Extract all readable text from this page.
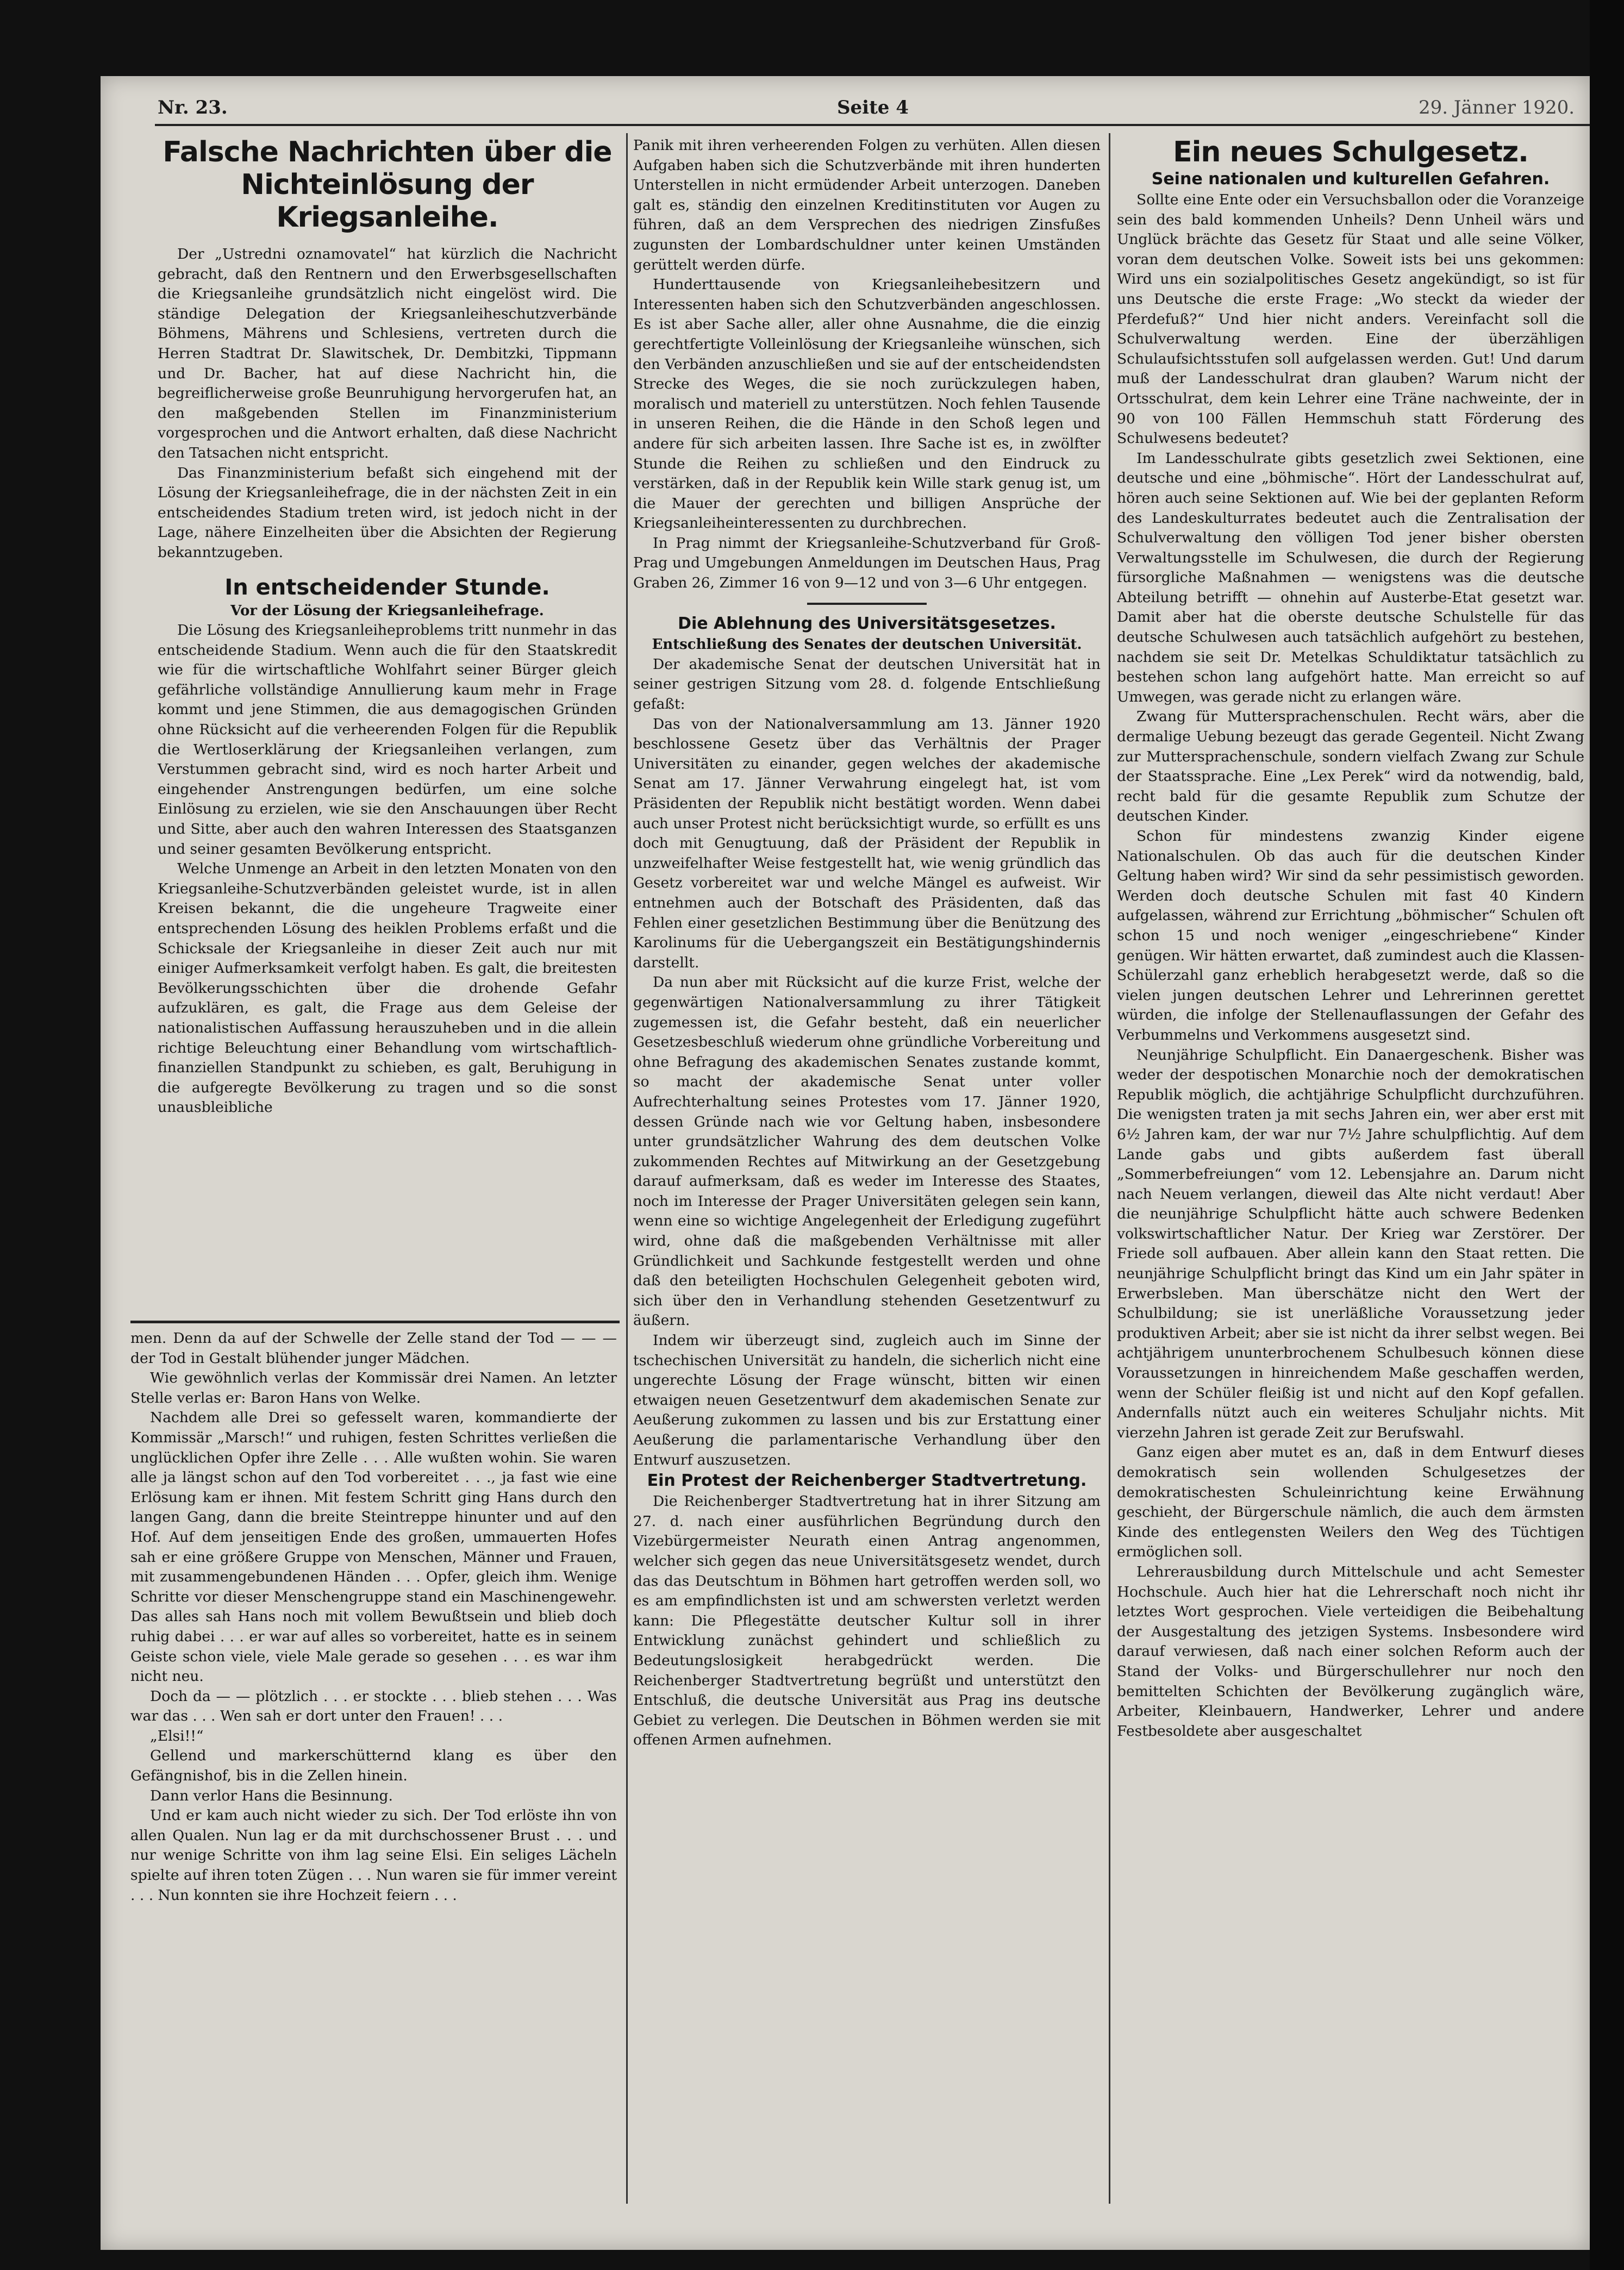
Nr. 23.	Seite 4	29. Jänner 1920.

Falsche Nachrichten über die Nichteinlösung der Kriegsanleihe.

Der „Ustredni oznamovatel“ hat kürzlich die Nachricht gebracht, daß den Rentnern und den Erwerbsgesellschaften die Kriegsanleihe grundsätzlich nicht eingelöst wird. Die ständige Delegation der Kriegsanleiheschutzverbände Böhmens, Mährens und Schlesiens, vertreten durch die Herren Stadtrat Dr. Slawitschek, Dr. Dembitzki, Tippmann und Dr. Bacher, hat auf diese Nachricht hin, die begreiflicherweise große Beunruhigung hervorgerufen hat, an den maßgebenden Stellen im Finanzministerium vorgesprochen und die Antwort erhalten, daß diese Nachricht den Tatsachen nicht entspricht.

Das Finanzministerium befaßt sich eingehend mit der Lösung der Kriegsanleihefrage, die in der nächsten Zeit in ein entscheidendes Stadium treten wird, ist jedoch nicht in der Lage, nähere Einzelheiten über die Absichten der Regierung bekanntzugeben.

In entscheidender Stunde.

Vor der Lösung der Kriegsanleihefrage.

Die Lösung des Kriegsanleiheproblems tritt nunmehr in das entscheidende Stadium. Wenn auch die für den Staatskredit wie für die wirtschaftliche Wohlfahrt seiner Bürger gleich gefährliche vollständige Annullierung kaum mehr in Frage kommt und jene Stimmen, die aus demagogischen Gründen ohne Rücksicht auf die verheerenden Folgen für die Republik die Wertloserklärung der Kriegsanleihen verlangen, zum Verstummen gebracht sind, wird es noch harter Arbeit und eingehender Anstrengungen bedürfen, um eine solche Einlösung zu erzielen, wie sie den Anschauungen über Recht und Sitte, aber auch den wahren Interessen des Staatsganzen und seiner gesamten Bevölkerung entspricht.

Welche Unmenge an Arbeit in den letzten Monaten von den Kriegsanleihe-Schutzverbänden geleistet wurde, ist in allen Kreisen bekannt, die die ungeheure Tragweite einer entsprechenden Lösung des heiklen Problems erfaßt und die Schicksale der Kriegsanleihe in dieser Zeit auch nur mit einiger Aufmerksamkeit verfolgt haben. Es galt, die breitesten Bevölkerungsschichten über die drohende Gefahr aufzuklären, es galt, die Frage aus dem Geleise der nationalistischen Auffassung herauszuheben und in die allein richtige Beleuchtung einer Behandlung vom wirtschaftlich-finanziellen Standpunkt zu schieben, es galt, Beruhigung in die aufgeregte Bevölkerung zu tragen und so die sonst unausbleibliche

men. Denn da auf der Schwelle der Zelle stand der Tod — — — der Tod in Gestalt blühender junger Mädchen.

Wie gewöhnlich verlas der Kommissär drei Namen. An letzter Stelle verlas er: Baron Hans von Welke.

Nachdem alle Drei so gefesselt waren, kommandierte der Kommissär „Marsch!“ und ruhigen, festen Schrittes verließen die unglücklichen Opfer ihre Zelle . . . Alle wußten wohin. Sie waren alle ja längst schon auf den Tod vorbereitet . . ., ja fast wie eine Erlösung kam er ihnen. Mit festem Schritt ging Hans durch den langen Gang, dann die breite Steintreppe hinunter und auf den Hof. Auf dem jenseitigen Ende des großen, ummauerten Hofes sah er eine größere Gruppe von Menschen, Männer und Frauen, mit zusammengebundenen Händen . . . Opfer, gleich ihm. Wenige Schritte vor dieser Menschengruppe stand ein Maschinengewehr. Das alles sah Hans noch mit vollem Bewußtsein und blieb doch ruhig dabei . . . er war auf alles so vorbereitet, hatte es in seinem Geiste schon viele, viele Male gerade so gesehen . . . es war ihm nicht neu.

Doch da — — plötzlich . . . er stockte . . . blieb stehen . . . Was war das . . . Wen sah er dort unter den Frauen! . . .

„Elsi!!“

Gellend und markerschütternd klang es über den Gefängnishof, bis in die Zellen hinein.

Dann verlor Hans die Besinnung.

Und er kam auch nicht wieder zu sich. Der Tod erlöste ihn von allen Qualen. Nun lag er da mit durchschossener Brust . . . und nur wenige Schritte von ihm lag seine Elsi. Ein seliges Lächeln spielte auf ihren toten Zügen . . . Nun waren sie für immer vereint . . . Nun konnten sie ihre Hochzeit feiern . . .

Panik mit ihren verheerenden Folgen zu verhüten. Allen diesen Aufgaben haben sich die Schutzverbände mit ihren hunderten Unterstellen in nicht ermüdender Arbeit unterzogen. Daneben galt es, ständig den einzelnen Kreditinstituten vor Augen zu führen, daß an dem Versprechen des niedrigen Zinsfußes zugunsten der Lombardschuldner unter keinen Umständen gerüttelt werden dürfe.

Hunderttausende von Kriegsanleihebesitzern und Interessenten haben sich den Schutzverbänden angeschlossen. Es ist aber Sache aller, aller ohne Ausnahme, die die einzig gerechtfertigte Volleinlösung der Kriegsanleihe wünschen, sich den Verbänden anzuschließen und sie auf der entscheidendsten Strecke des Weges, die sie noch zurückzulegen haben, moralisch und materiell zu unterstützen. Noch fehlen Tausende in unseren Reihen, die die Hände in den Schoß legen und andere für sich arbeiten lassen. Ihre Sache ist es, in zwölfter Stunde die Reihen zu schließen und den Eindruck zu verstärken, daß in der Republik kein Wille stark genug ist, um die Mauer der gerechten und billigen Ansprüche der Kriegsanleiheinteressenten zu durchbrechen.

In Prag nimmt der Kriegsanleihe-Schutzverband für Groß-Prag und Umgebungen Anmeldungen im Deutschen Haus, Prag Graben 26, Zimmer 16 von 9—12 und von 3—6 Uhr entgegen.

Die Ablehnung des Universitätsgesetzes.

Entschließung des Senates der deutschen Universität.

Der akademische Senat der deutschen Universität hat in seiner gestrigen Sitzung vom 28. d. folgende Entschließung gefaßt:

Das von der Nationalversammlung am 13. Jänner 1920 beschlossene Gesetz über das Verhältnis der Prager Universitäten zu einander, gegen welches der akademische Senat am 17. Jänner Verwahrung eingelegt hat, ist vom Präsidenten der Republik nicht bestätigt worden. Wenn dabei auch unser Protest nicht berücksichtigt wurde, so erfüllt es uns doch mit Genugtuung, daß der Präsident der Republik in unzweifelhafter Weise festgestellt hat, wie wenig gründlich das Gesetz vorbereitet war und welche Mängel es aufweist. Wir entnehmen auch der Botschaft des Präsidenten, daß das Fehlen einer gesetzlichen Bestimmung über die Benützung des Karolinums für die Uebergangszeit ein Bestätigungshindernis darstellt.

Da nun aber mit Rücksicht auf die kurze Frist, welche der gegenwärtigen Nationalversammlung zu ihrer Tätigkeit zugemessen ist, die Gefahr besteht, daß ein neuerlicher Gesetzesbeschluß wiederum ohne gründliche Vorbereitung und ohne Befragung des akademischen Senates zustande kommt, so macht der akademische Senat unter voller Aufrechterhaltung seines Protestes vom 17. Jänner 1920, dessen Gründe nach wie vor Geltung haben, insbesondere unter grundsätzlicher Wahrung des dem deutschen Volke zukommenden Rechtes auf Mitwirkung an der Gesetzgebung darauf aufmerksam, daß es weder im Interesse des Staates, noch im Interesse der Prager Universitäten gelegen sein kann, wenn eine so wichtige Angelegenheit der Erledigung zugeführt wird, ohne daß die maßgebenden Verhältnisse mit aller Gründlichkeit und Sachkunde festgestellt werden und ohne daß den beteiligten Hochschulen Gelegenheit geboten wird, sich über den in Verhandlung stehenden Gesetzentwurf zu äußern.

Indem wir überzeugt sind, zugleich auch im Sinne der tschechischen Universität zu handeln, die sicherlich nicht eine ungerechte Lösung der Frage wünscht, bitten wir einen etwaigen neuen Gesetzentwurf dem akademischen Senate zur Aeußerung zukommen zu lassen und bis zur Erstattung einer Aeußerung die parlamentarische Verhandlung über den Entwurf auszusetzen.

Ein Protest der Reichenberger Stadtvertretung.

Die Reichenberger Stadtvertretung hat in ihrer Sitzung am 27. d. nach einer ausführlichen Begründung durch den Vizebürgermeister Neurath einen Antrag angenommen, welcher sich gegen das neue Universitätsgesetz wendet, durch das das Deutschtum in Böhmen hart getroffen werden soll, wo es am empfindlichsten ist und am schwersten verletzt werden kann: Die Pflegestätte deutscher Kultur soll in ihrer Entwicklung zunächst gehindert und schließlich zu Bedeutungslosigkeit herabgedrückt werden. Die Reichenberger Stadtvertretung begrüßt und unterstützt den Entschluß, die deutsche Universität aus Prag ins deutsche Gebiet zu verlegen. Die Deutschen in Böhmen werden sie mit offenen Armen aufnehmen.

Ein neues Schulgesetz.

Seine nationalen und kulturellen Gefahren.

Sollte eine Ente oder ein Versuchsballon oder die Voranzeige sein des bald kommenden Unheils? Denn Unheil wärs und Unglück brächte das Gesetz für Staat und alle seine Völker, voran dem deutschen Volke. Soweit ists bei uns gekommen: Wird uns ein sozialpolitisches Gesetz angekündigt, so ist für uns Deutsche die erste Frage: „Wo steckt da wieder der Pferdefuß?“ Und hier nicht anders. Vereinfacht soll die Schulverwaltung werden. Eine der überzähligen Schulaufsichtsstufen soll aufgelassen werden. Gut! Und darum muß der Landesschulrat dran glauben? Warum nicht der Ortsschulrat, dem kein Lehrer eine Träne nachweinte, der in 90 von 100 Fällen Hemmschuh statt Förderung des Schulwesens bedeutet?

Im Landesschulrate gibts gesetzlich zwei Sektionen, eine deutsche und eine „böhmische“. Hört der Landesschulrat auf, hören auch seine Sektionen auf. Wie bei der geplanten Reform des Landeskulturrates bedeutet auch die Zentralisation der Schulverwaltung den völligen Tod jener bisher obersten Verwaltungsstelle im Schulwesen, die durch der Regierung fürsorgliche Maßnahmen — wenigstens was die deutsche Abteilung betrifft — ohnehin auf Austerbe-Etat gesetzt war. Damit aber hat die oberste deutsche Schulstelle für das deutsche Schulwesen auch tatsächlich aufgehört zu bestehen, nachdem sie seit Dr. Metelkas Schuldiktatur tatsächlich zu bestehen schon lang aufgehört hatte. Man erreicht so auf Umwegen, was gerade nicht zu erlangen wäre.

Zwang für Muttersprachenschulen. Recht wärs, aber die dermalige Uebung bezeugt das gerade Gegenteil. Nicht Zwang zur Muttersprachenschule, sondern vielfach Zwang zur Schule der Staatssprache. Eine „Lex Perek“ wird da notwendig, bald, recht bald für die gesamte Republik zum Schutze der deutschen Kinder.

Schon für mindestens zwanzig Kinder eigene Nationalschulen. Ob das auch für die deutschen Kinder Geltung haben wird? Wir sind da sehr pessimistisch geworden. Werden doch deutsche Schulen mit fast 40 Kindern aufgelassen, während zur Errichtung „böhmischer“ Schulen oft schon 15 und noch weniger „eingeschriebene“ Kinder genügen. Wir hätten erwartet, daß zumindest auch die Klassen-Schülerzahl ganz erheblich herabgesetzt werde, daß so die vielen jungen deutschen Lehrer und Lehrerinnen gerettet würden, die infolge der Stellenauflassungen der Gefahr des Verbummelns und Verkommens ausgesetzt sind.

Neunjährige Schulpflicht. Ein Danaergeschenk. Bisher was weder der despotischen Monarchie noch der demokratischen Republik möglich, die achtjährige Schulpflicht durchzuführen. Die wenigsten traten ja mit sechs Jahren ein, wer aber erst mit 6½ Jahren kam, der war nur 7½ Jahre schulpflichtig. Auf dem Lande gabs und gibts außerdem fast überall „Sommerbefreiungen“ vom 12. Lebensjahre an. Darum nicht nach Neuem verlangen, dieweil das Alte nicht verdaut! Aber die neunjährige Schulpflicht hätte auch schwere Bedenken volkswirtschaftlicher Natur. Der Krieg war Zerstörer. Der Friede soll aufbauen. Aber allein kann den Staat retten. Die neunjährige Schulpflicht bringt das Kind um ein Jahr später in Erwerbsleben. Man überschätze nicht den Wert der Schulbildung; sie ist unerläßliche Voraussetzung jeder produktiven Arbeit; aber sie ist nicht da ihrer selbst wegen. Bei achtjährigem ununterbrochenem Schulbesuch können diese Voraussetzungen in hinreichendem Maße geschaffen werden, wenn der Schüler fleißig ist und nicht auf den Kopf gefallen. Andernfalls nützt auch ein weiteres Schuljahr nichts. Mit vierzehn Jahren ist gerade Zeit zur Berufswahl.

Ganz eigen aber mutet es an, daß in dem Entwurf dieses demokratisch sein wollenden Schulgesetzes der demokratischesten Schuleinrichtung keine Erwähnung geschieht, der Bürgerschule nämlich, die auch dem ärmsten Kinde des entlegensten Weilers den Weg des Tüchtigen ermöglichen soll.

Lehrerausbildung durch Mittelschule und acht Semester Hochschule. Auch hier hat die Lehrerschaft noch nicht ihr letztes Wort gesprochen. Viele verteidigen die Beibehaltung der Ausgestaltung des jetzigen Systems. Insbesondere wird darauf verwiesen, daß nach einer solchen Reform auch der Stand der Volks- und Bürgerschullehrer nur noch den bemittelten Schichten der Bevölkerung zugänglich wäre, Arbeiter, Kleinbauern, Handwerker, Lehrer und andere Festbesoldete aber ausgeschaltet
